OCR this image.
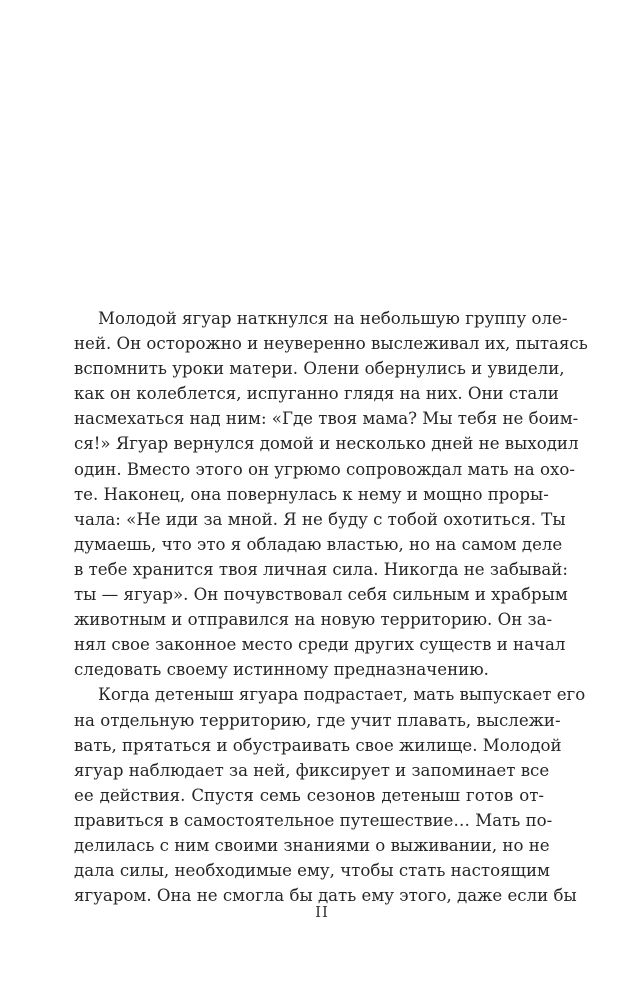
Молодой ягуар наткнулся на небольшую группу оле-
ней. Он осторожно и неуверенно выслеживал их, пытаясь
вспомнить уроки матери. Олени обернулись и увидели,
как он колеблется, испуганно глядя на них. Они стали
насмехаться над ним: «Где твоя мама? Мы тебя не боим-
ся!» Ягуар вернулся домой и несколько дней не выходил
один. Вместо этого он угрюмо сопровождал мать на охо-
те. Наконец, она повернулась к нему и мощно проры-
чала: «Не иди за мной. Я не буду с тобой охотиться. Ты
думаешь, что это я обладаю властью, но на самом деле
в тебе хранится твоя личная сила. Никогда не забывай:
ты — ягуар». Он почувствовал себя сильным и храбрым
животным и отправился на новую территорию. Он за-
нял свое законное место среди других существ и начал
следовать своему истинному предназначению.
Когда детеныш ягуара подрастает, мать выпускает его
на отдельную территорию, где учит плавать, выслежи-
вать, прятаться и обустраивать свое жилище. Молодой
ягуар наблюдает за ней, фиксирует и запоминает все
ее действия. Спустя семь сезонов детеныш готов от-
правиться в самостоятельное путешествие… Мать по-
делилась с ним своими знаниями о выживании, но не
дала силы, необходимые ему, чтобы стать настоящим
ягуаром. Она не смогла бы дать ему этого, даже если бы
II
